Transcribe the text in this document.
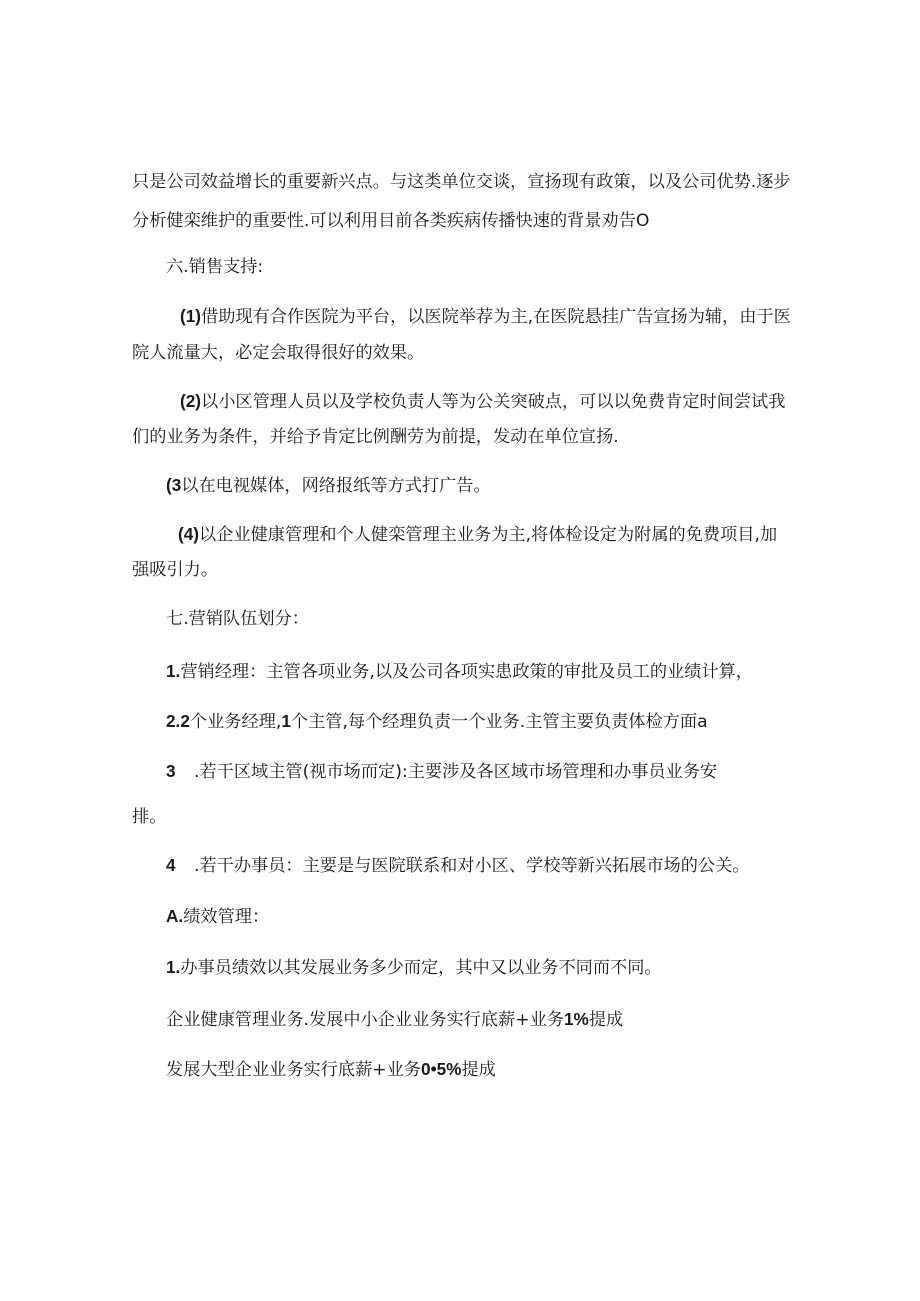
只是公司效益增长的重要新兴点。与这类单位交谈，宣扬现有政策，以及公司优势.逐步
分析健栾维护的重要性.可以利用目前各类疾病传播快速的背景劝告O
六.销售支持:
(1)借助现有合作医院为平台，以医院举荐为主,在医院悬挂广告宣扬为辅，由于医
院人流量大，必定会取得很好的效果。
(2)以小区管理人员以及学校负责人等为公关突破点，可以以免费肯定时间尝试我
们的业务为条件，并给予肯定比例酬劳为前提，发动在单位宣扬.
(3以在电视媒体，网络报纸等方式打广告。
(4)以企业健康管理和个人健栾管理主业务为主,将体检设定为附属的免费项目,加
强吸引力。
七.营销队伍划分：
1.营销经理：主管各项业务,以及公司各项实患政策的审批及员工的业绩计算，
2.2个业务经理,1个主管,每个经理负责一个业务.主管主要负责体检方面a
3 .若干区域主管(视市场而定):主要涉及各区域市场管理和办事员业务安
排。
4 .若干办事员：主要是与医院联系和对小区、学校等新兴拓展市场的公关。
A.绩效管理：
1.办事员绩效以其发展业务多少而定，其中又以业务不同而不同。
企业健康管理业务.发展中小企业业务实行底薪+业务1%提成
发展大型企业业务实行底薪+业务0•5%提成
